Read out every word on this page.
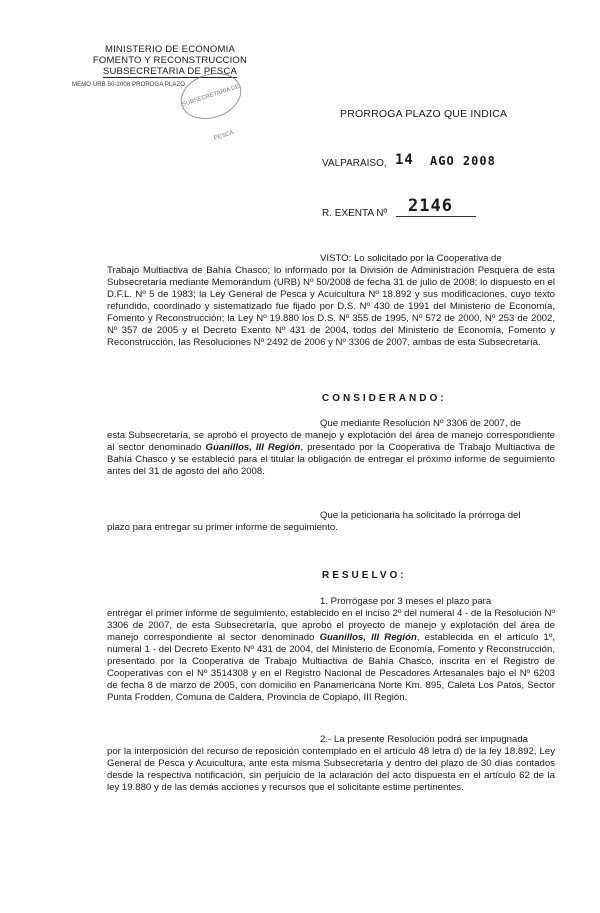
MINISTERIO DE ECONOMIA
FOMENTO Y RECONSTRUCCION
SUBSECRETARIA DE PESCA
MEMO URB 50-2008 PROROGA PLAZO
SUBSECRETARIA DE PESCA
PRORROGA PLAZO QUE INDICA
VALPARAISO, 14 AGO 2008
R. EXENTA Nº 2146
VISTO: Lo solicitado por la Cooperativa de
Trabajo Multiactiva de Bahía Chasco; lo informado por la División de Administración Pesquera de esta Subsecretaría mediante Memorándum (URB) Nº 50/2008 de fecha 31 de julio de 2008; lo dispuesto en el D.F.L. Nº 5 de 1983; la Ley General de Pesca y Acuicultura Nº 18.892 y sus modificaciones, cuyo texto refundido, coordinado y sistematizado fue fijado por D.S. Nº 430 de 1991 del Ministerio de Economía, Fomento y Reconstrucción; la Ley Nº 19.880 los D.S. Nº 355 de 1995, Nº 572 de 2000, Nº 253 de 2002, Nº 357 de 2005 y el Decreto Exento Nº 431 de 2004, todos del Ministerio de Economía, Fomento y Reconstrucción, las Resoluciones Nº 2492 de 2006 y Nº 3306 de 2007, ambas de esta Subsecretaría.
CONSIDERANDO:
Que mediante Resolución Nº 3306 de 2007, de
esta Subsecretaría, se aprobó el proyecto de manejo y explotación del área de manejo correspondiente al sector denominado Guanillos, III Región, presentado por la Cooperativa de Trabajo Multiactiva de Bahía Chasco y se estableció para el titular la obligación de entregar el próximo informe de seguimiento antes del 31 de agosto del año 2008.
Que la peticionaria ha solicitado la prórroga del
plazo para entregar su primer informe de seguimiento.
RESUELVO:
1. Prorrógase por 3 meses el plazo para
entregar el primer informe de seguimiento, establecido en el inciso 2º del numeral 4 - de la Resolución Nº 3306 de 2007, de esta Subsecretaría, que aprobó el proyecto de manejo y explotación del área de manejo correspondiente al sector denominado Guanillos, III Región, establecida en el artículo 1º, numeral 1 - del Decreto Exento Nº 431 de 2004, del Ministerio de Economía, Fomento y Reconstrucción, presentado por la Cooperativa de Trabajo Multiactiva de Bahía Chasco, inscrita en el Registro de Cooperativas con el Nº 3514308 y en el Registro Nacional de Pescadores Artesanales bajo el Nº 6203 de fecha 8 de marzo de 2005, con domicilio en Panamericana Norte Km. 895, Caleta Los Patos, Sector Punta Frodden, Comuna de Caldera, Provincia de Copiapó, III Región.
2.- La presente Resolución podrá ser impugnada
por la interposición del recurso de reposición contemplado en el artículo 48 letra d) de la ley 18.892, Ley General de Pesca y Acuicultura, ante esta misma Subsecretaría y dentro del plazo de 30 días contados desde la respectiva notificación, sin perjuicio de la aclaración del acto dispuesta en el artículo 62 de la ley 19.880 y de las demás acciones y recursos que el solicitante estime pertinentes.
